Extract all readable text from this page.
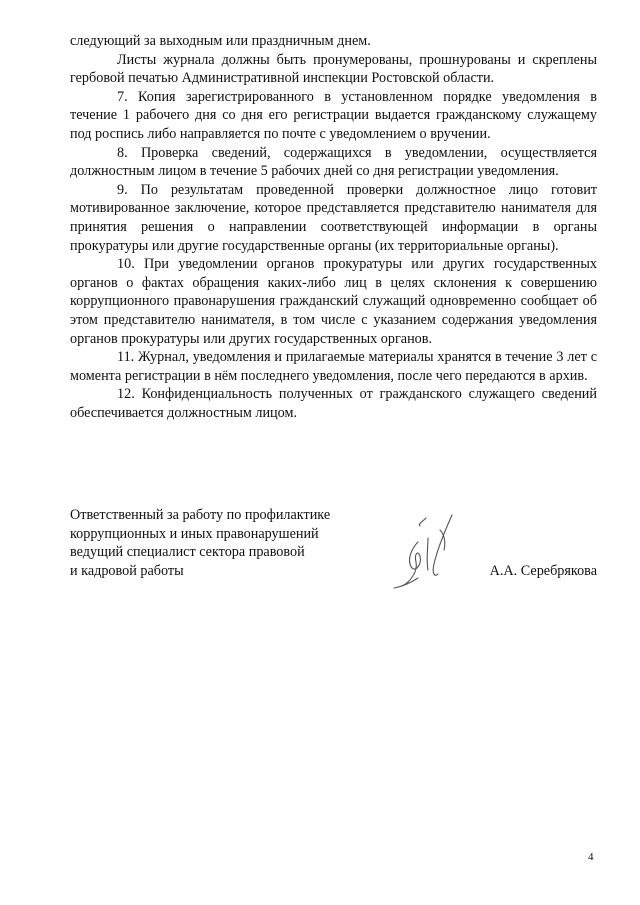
следующий за выходным или праздничным днем.

Листы журнала должны быть пронумерованы, прошнурованы и скреплены гербовой печатью Административной инспекции Ростовской области.

7. Копия зарегистрированного в установленном порядке уведомления в течение 1 рабочего дня со дня его регистрации выдается гражданскому служащему под роспись либо направляется по почте с уведомлением о вручении.

8. Проверка сведений, содержащихся в уведомлении, осуществляется должностным лицом в течение 5 рабочих дней со дня регистрации уведомления.

9. По результатам проведенной проверки должностное лицо готовит мотивированное заключение, которое представляется представителю нанимателя для принятия решения о направлении соответствующей информации в органы прокуратуры или другие государственные органы (их территориальные органы).

10. При уведомлении органов прокуратуры или других государственных органов о фактах обращения каких-либо лиц в целях склонения к совершению коррупционного правонарушения гражданский служащий одновременно сообщает об этом представителю нанимателя, в том числе с указанием содержания уведомления органов прокуратуры или других государственных органов.

11. Журнал, уведомления и прилагаемые материалы хранятся в течение 3 лет с момента регистрации в нём последнего уведомления, после чего передаются в архив.

12. Конфиденциальность полученных от гражданского служащего сведений обеспечивается должностным лицом.

Ответственный за работу по профилактике
коррупционных и иных правонарушений
ведущий специалист сектора правовой
и кадровой работы	А.А. Серебрякова
4
